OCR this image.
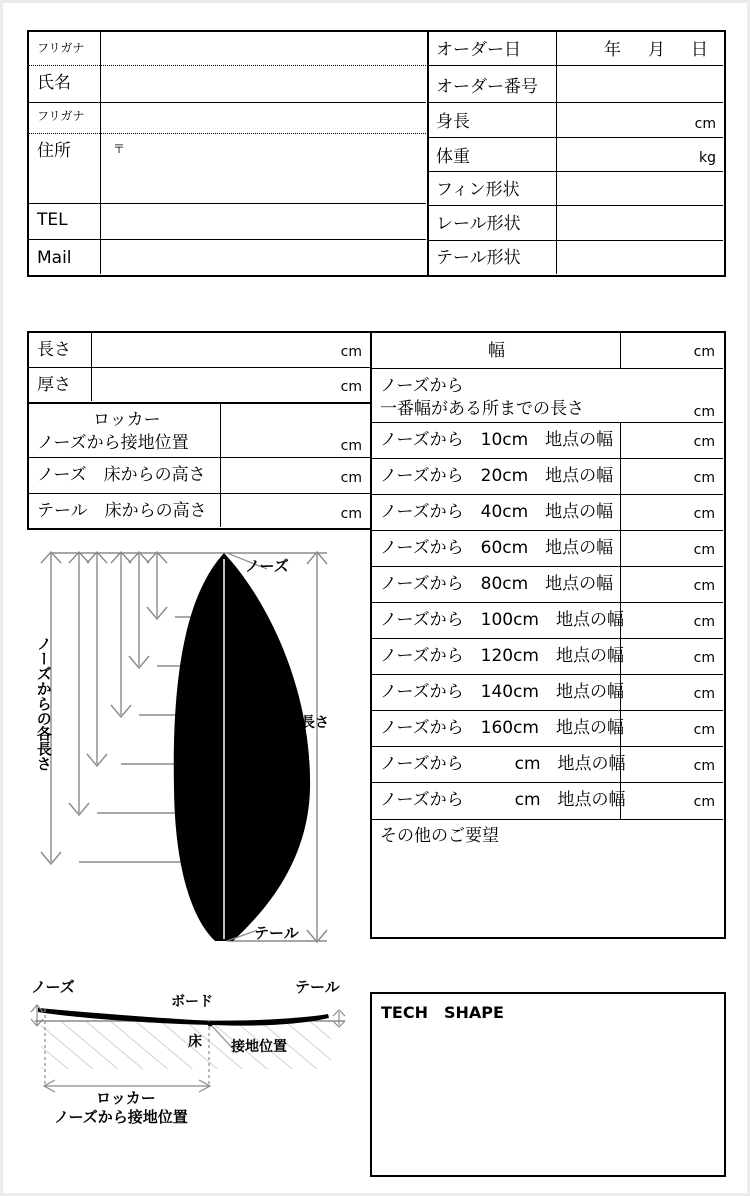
フリガナ
氏名
フリガナ
住所	〒
TEL
Mail
オーダー日	年 月 日
オーダー番号
身長	cm
体重	kg
フィン形状
レール形状
テール形状
長さ	cm
厚さ	cm
ロッカー
ノーズから接地位置	cm
ノーズ　床からの高さ	cm
テール　床からの高さ	cm
幅	cm
ノーズから
一番幅がある所までの長さ	cm
ノーズから　10cm　地点の幅	cm
ノーズから　20cm　地点の幅	cm
ノーズから　40cm　地点の幅	cm
ノーズから　60cm　地点の幅	cm
ノーズから　80cm　地点の幅	cm
ノーズから　100cm　地点の幅	cm
ノーズから　120cm　地点の幅	cm
ノーズから　140cm　地点の幅	cm
ノーズから　160cm　地点の幅	cm
ノーズから　　　cm　地点の幅	cm
ノーズから　　　cm　地点の幅	cm
その他のご要望
TECH　SHAPE
ノーズ
長さ
テール
ノーズからの各長さ
ノーズ	テール
ボード
床 接地位置
ロッカー
ノーズから接地位置
